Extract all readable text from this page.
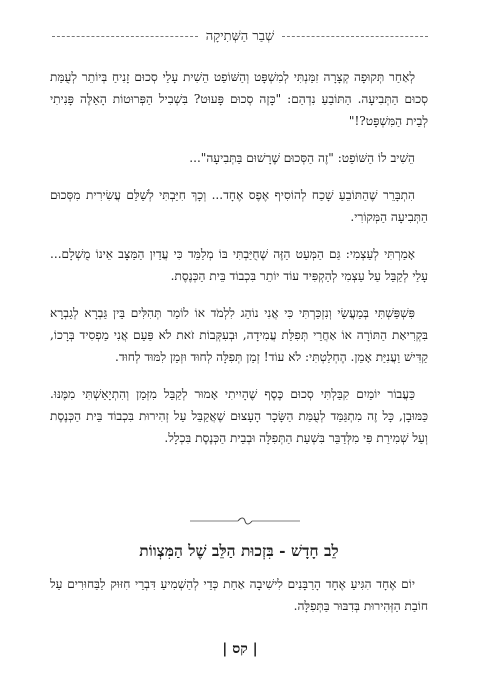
שְׁבַר הַשְּׁתִיקָה

לְאַחַר תְּקוּפָה קְצָרָה זִמַּנְתִּי לְמִשְׁפָּט וְהַשּׁוֹפֵט הֵשִׁית עָלַי סְכוּם זָנִיחַ בְּיוֹתֵר לְעֻמַּת סְכוּם הַתְּבִיעָה. הַתּוֹבֵעַ נִדְהַם: "כָּזֶה סְכוּם פָּעוּט? בִּשְׁבִיל הַפְּרוּטוֹת הָאֵלֶּה פָּנִיתִי לְבֵית הַמִּשְׁפָּט?!"

הֵשִׁיב לוֹ הַשּׁוֹפֵט: "זֶה הַסְּכוּם שֶׁרָשׁוּם בַּתְּבִיעָה"...

הִתְבָּרֵר שֶׁהַתּוֹבֵעַ שָׁכַח לְהוֹסִיף אֶפֶס אֶחָד... וְכָךְ חִיַּבְתִּי לְשַׁלֵּם עֲשִׂירִית מִסְּכוּם הַתְּבִיעָה הַמְּקוֹרִי.

אָמַרְתִּי לְעַצְמִי: גַּם הַמְּעַט הַזֶּה שֶׁחֻיַּבְתִּי בּוֹ מְלַמֵּד כִּי עֲדַיִן הַמַּצָּב אֵינוֹ מֻשְׁלָם... עָלַי לְקַבֵּל עַל עַצְמִי לְהַקְפִּיד עוֹד יוֹתֵר בִּכְבוֹד בֵּית הַכְּנֶסֶת.

פִּשְׁפַּשְׁתִּי בְּמַעֲשַׂי וְנִזְכַּרְתִּי כִּי אֲנִי נוֹהֵג לִלְמֹד אוֹ לוֹמַר תְּהִלִּים בֵּין גַּבְרָא לְגַבְרָא בִּקְרִיאַת הַתּוֹרָה אוֹ אַחֲרֵי תְּפִלַּת עֲמִידָה, וּבְעִקְּבוֹת זֹאת לֹא פַּעַם אֲנִי מַפְסִיד בְּרָכוֹ, קַדִּישׁ וַעֲנִיַּת אָמֵן. הֶחְלַטְתִּי: לֹא עוֹד! זְמַן תְּפִלָּה לְחוּד וּזְמַן לִמּוּד לְחוּד.

כַּעֲבוֹר יוֹמַיִם קִבַּלְתִּי סְכוּם כֶּסֶף שֶׁהָיִיתִי אָמוּר לְקַבֵּל מִזְּמַן וְהִתְיָאַשְׁתִּי מִמֶּנּוּ. כַּמּוּבָן, כָּל זֶה מִתְגַּמֵּד לְעֻמַּת הַשָּׂכָר הָעָצוּם שֶׁאֲקַבֵּל עַל זְהִירוּת בִּכְבוֹד בֵּית הַכְּנֶסֶת וְעַל שְׁמִירַת פִּי מִלְּדַבֵּר בִּשְׁעַת הַתְּפִלָּה וּבְבֵית הַכְּנֶסֶת בִּכְלָל.

לֵב חָדָשׁ - בִּזְכוּת הַלֵּב שֶׁל הַמִּצְווֹת

יוֹם אֶחָד הִגִּיעַ אֶחָד הָרַבָּנִים לִישִׁיבָה אַחַת כְּדֵי לְהַשְׁמִיעַ דִּבְרֵי חִזּוּק לַבַּחוּרִים עַל חוֹבַת הַזְּהִירוּת בְּדִבּוּר בַּתְּפִלָּה.

| קס |
